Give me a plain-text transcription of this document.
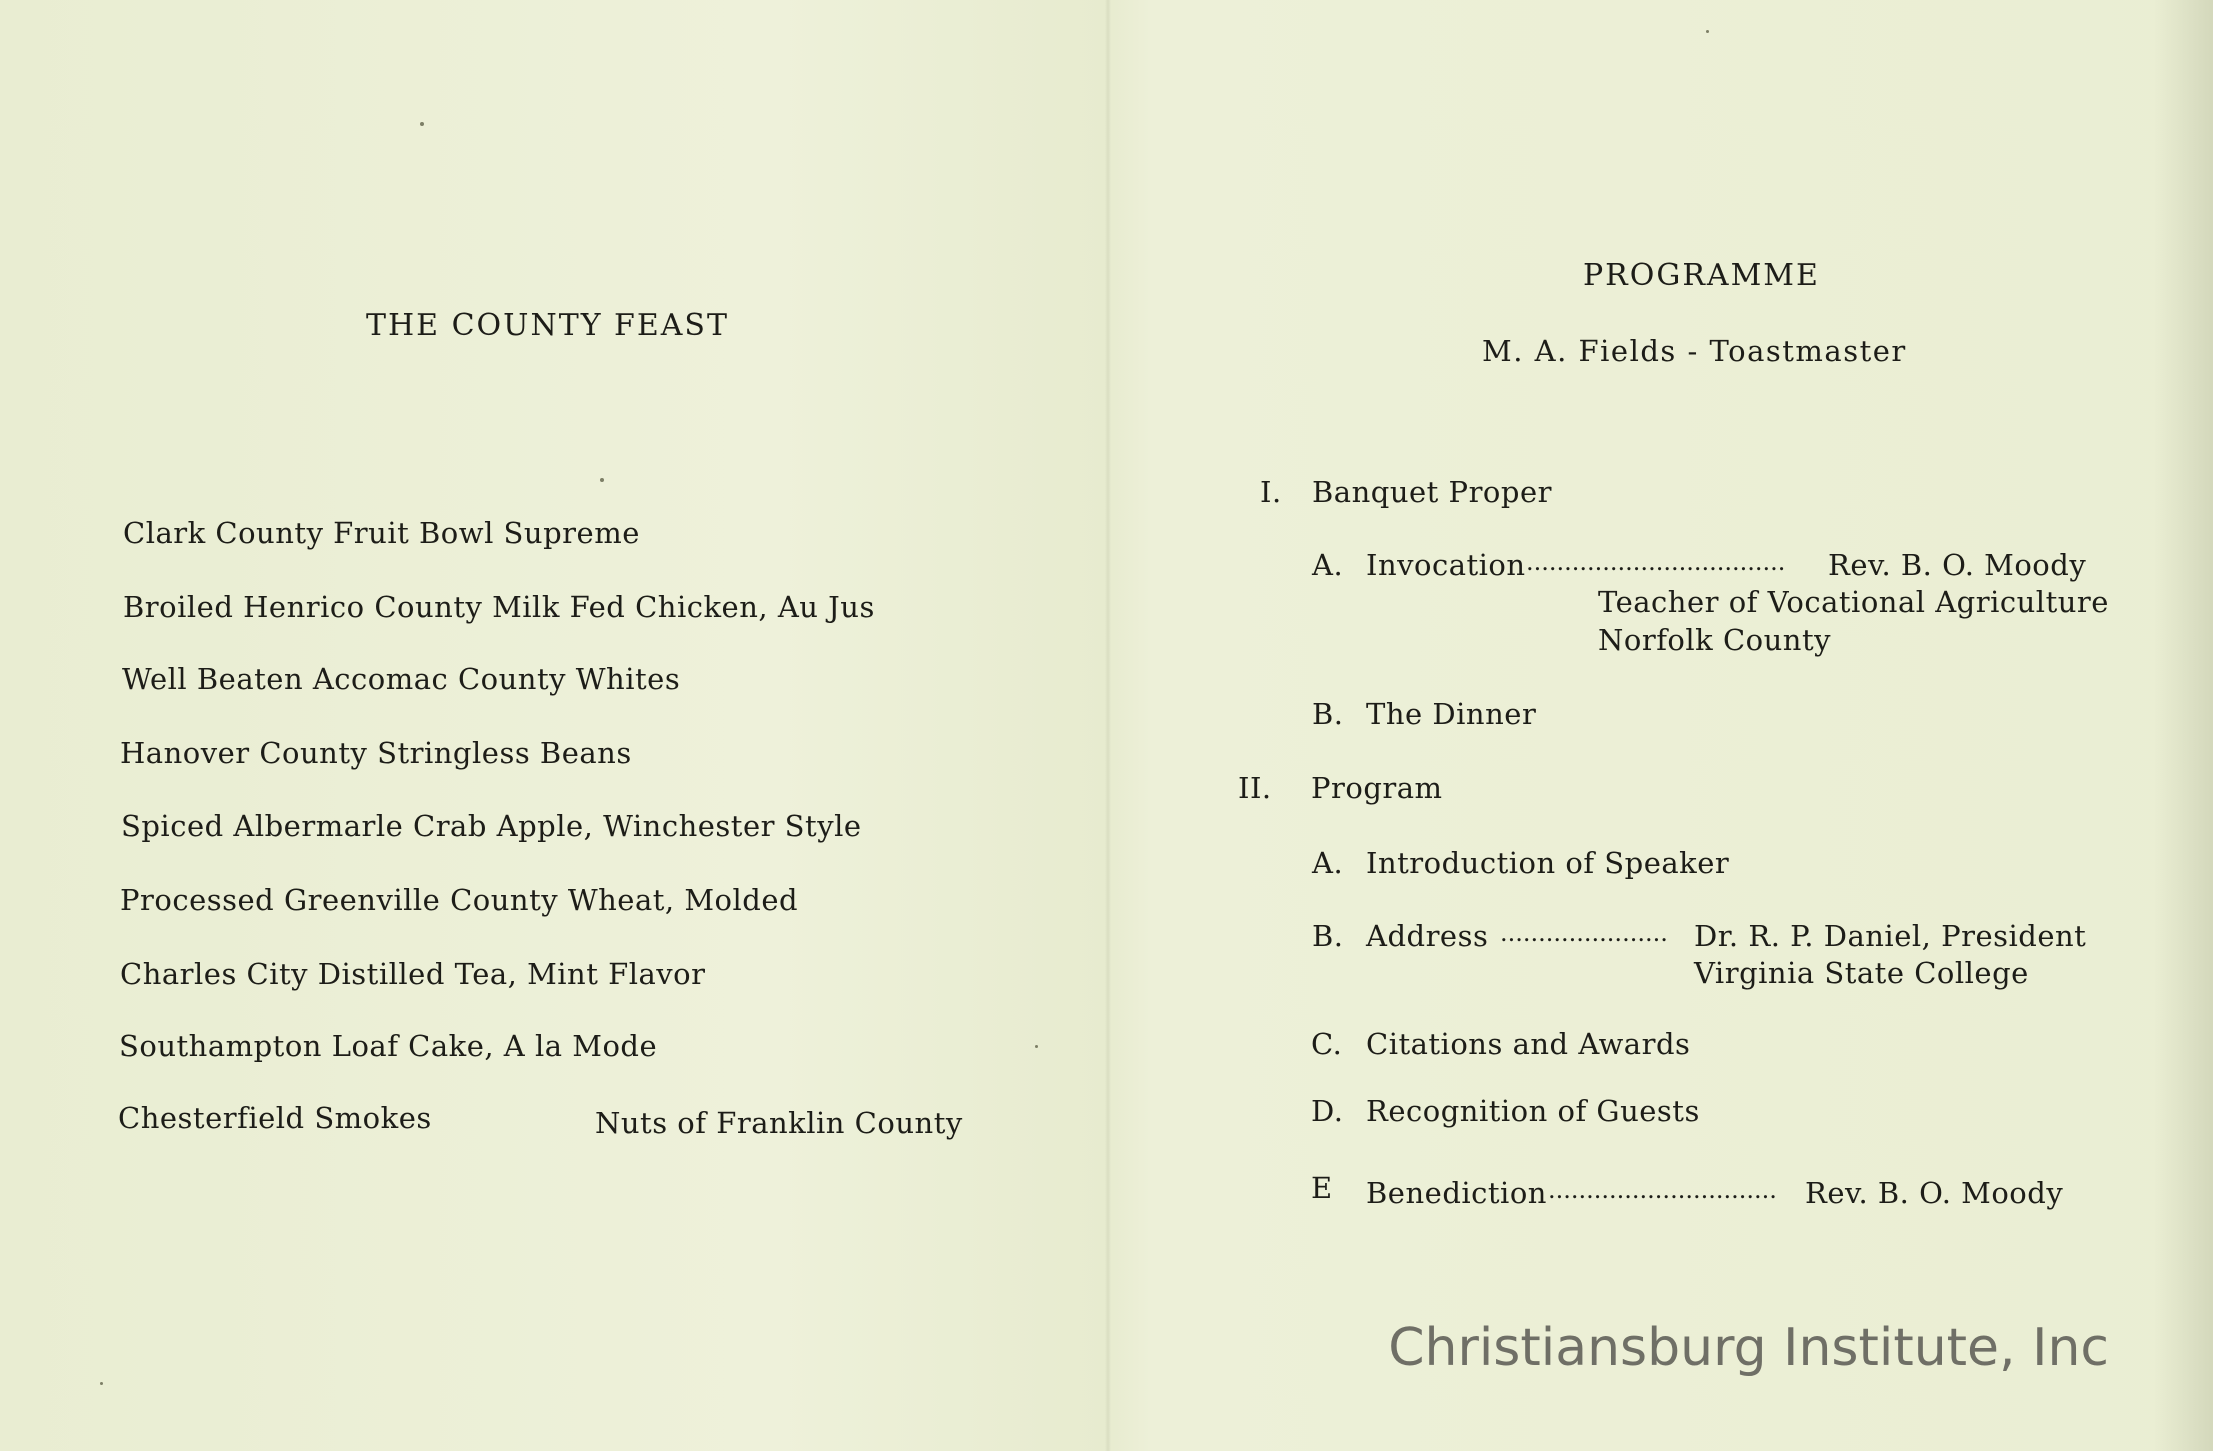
THE COUNTY FEAST
Clark County Fruit Bowl Supreme
Broiled Henrico County Milk Fed Chicken, Au Jus
Well Beaten Accomac County Whites
Hanover County Stringless Beans
Spiced Albermarle Crab Apple, Winchester Style
Processed Greenville County Wheat, Molded
Charles City Distilled Tea, Mint Flavor
Southampton Loaf Cake, A la Mode
Chesterfield Smokes	Nuts of Franklin County
PROGRAMME
M. A. Fields - Toastmaster
I. Banquet Proper
A. Invocation .................................. Rev. B. O. Moody
Teacher of Vocational Agriculture
Norfolk County
B. The Dinner
II. Program
A. Introduction of Speaker
B. Address ...................... Dr. R. P. Daniel, President
Virginia State College
C. Citations and Awards
D. Recognition of Guests
E Benediction .............................. Rev. B. O. Moody
Christiansburg Institute, Inc
